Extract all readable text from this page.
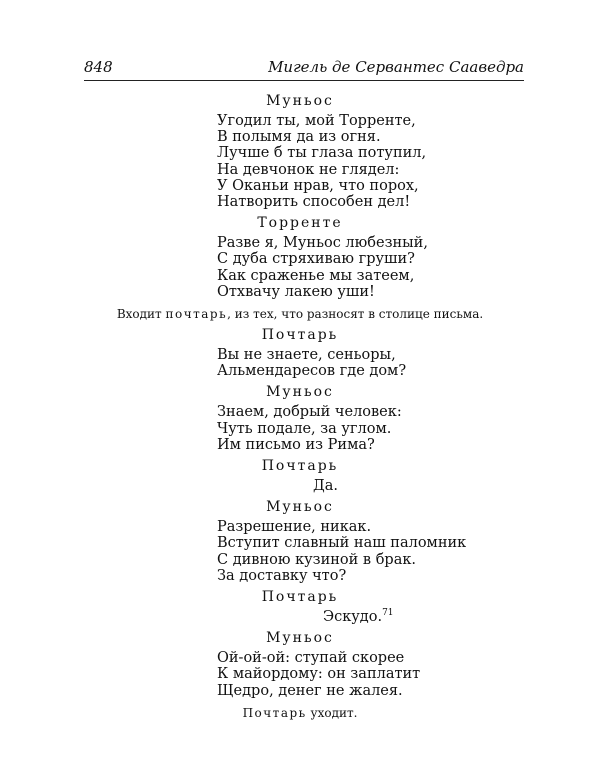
848	Мигель де Сервантес Сааведра
Муньос
Угодил ты, мой Торренте,
В полымя да из огня.
Лучше б ты глаза потупил,
На девчонок не глядел:
У Оканьи нрав, что порох,
Натворить способен дел!
Торренте
Разве я, Муньос любезный,
С дуба стряхиваю груши?
Как сраженье мы затеем,
Отхвачу лакею уши!
Входит почтарь, из тех, что разносят в столице письма.
Почтарь
Вы не знаете, сеньоры,
Альмендаресов где дом?
Муньос
Знаем, добрый человек:
Чуть подале, за углом.
Им письмо из Рима?
Почтарь
Да.
Муньос
Разрешение, никак.
Вступит славный наш паломник
С дивною кузиной в брак.
За доставку что?
Почтарь
Эскудо.$^{71}$
Муньос
Ой-ой-ой: ступай скорее
К майордому: он заплатит
Щедро, денег не жалея.
Почтарь уходит.
